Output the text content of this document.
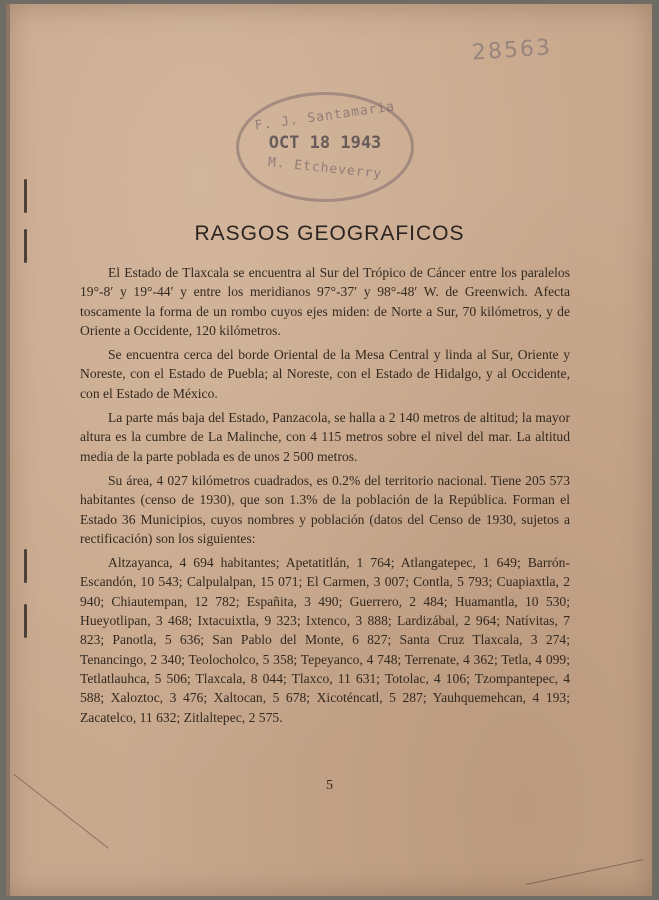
28563
F. J. Santamaria
OCT 18 1943
M. Etcheverry
RASGOS GEOGRAFICOS

El Estado de Tlaxcala se encuentra al Sur del Trópico de Cáncer entre los paralelos 19°-8′ y 19°-44′ y entre los meridianos 97°-37′ y 98°-48′ W. de Greenwich. Afecta toscamente la forma de un rombo cuyos ejes miden: de Norte a Sur, 70 kilómetros, y de Oriente a Occidente, 120 kilómetros.

Se encuentra cerca del borde Oriental de la Mesa Central y linda al Sur, Oriente y Noreste, con el Estado de Puebla; al Noreste, con el Estado de Hidalgo, y al Occidente, con el Estado de México.

La parte más baja del Estado, Panzacola, se halla a 2 140 metros de altitud; la mayor altura es la cumbre de La Malinche, con 4 115 metros sobre el nivel del mar. La altitud media de la parte poblada es de unos 2 500 metros.

Su área, 4 027 kilómetros cuadrados, es 0.2% del territorio nacional. Tiene 205 573 habitantes (censo de 1930), que son 1.3% de la población de la República. Forman el Estado 36 Municipios, cuyos nombres y población (datos del Censo de 1930, sujetos a rectificación) son los siguientes:

Altzayanca, 4 694 habitantes; Apetatitlán, 1 764; Atlangatepec, 1 649; Barrón-Escandón, 10 543; Calpulalpan, 15 071; El Carmen, 3 007; Contla, 5 793; Cuapiaxtla, 2 940; Chiautempan, 12 782; Españita, 3 490; Guerrero, 2 484; Huamantla, 10 530; Hueyotlipan, 3 468; Ixtacuixtla, 9 323; Ixtenco, 3 888; Lardizábal, 2 964; Natívitas, 7 823; Panotla, 5 636; San Pablo del Monte, 6 827; Santa Cruz Tlaxcala, 3 274; Tenancingo, 2 340; Teolocholco, 5 358; Tepeyanco, 4 748; Terrenate, 4 362; Tetla, 4 099; Tetlatlauhca, 5 506; Tlaxcala, 8 044; Tlaxco, 11 631; Totolac, 4 106; Tzompantepec, 4 588; Xaloztoc, 3 476; Xaltocan, 5 678; Xicoténcatl, 5 287; Yauhquemehcan, 4 193; Zacatelco, 11 632; Zitlaltepec, 2 575.

5
